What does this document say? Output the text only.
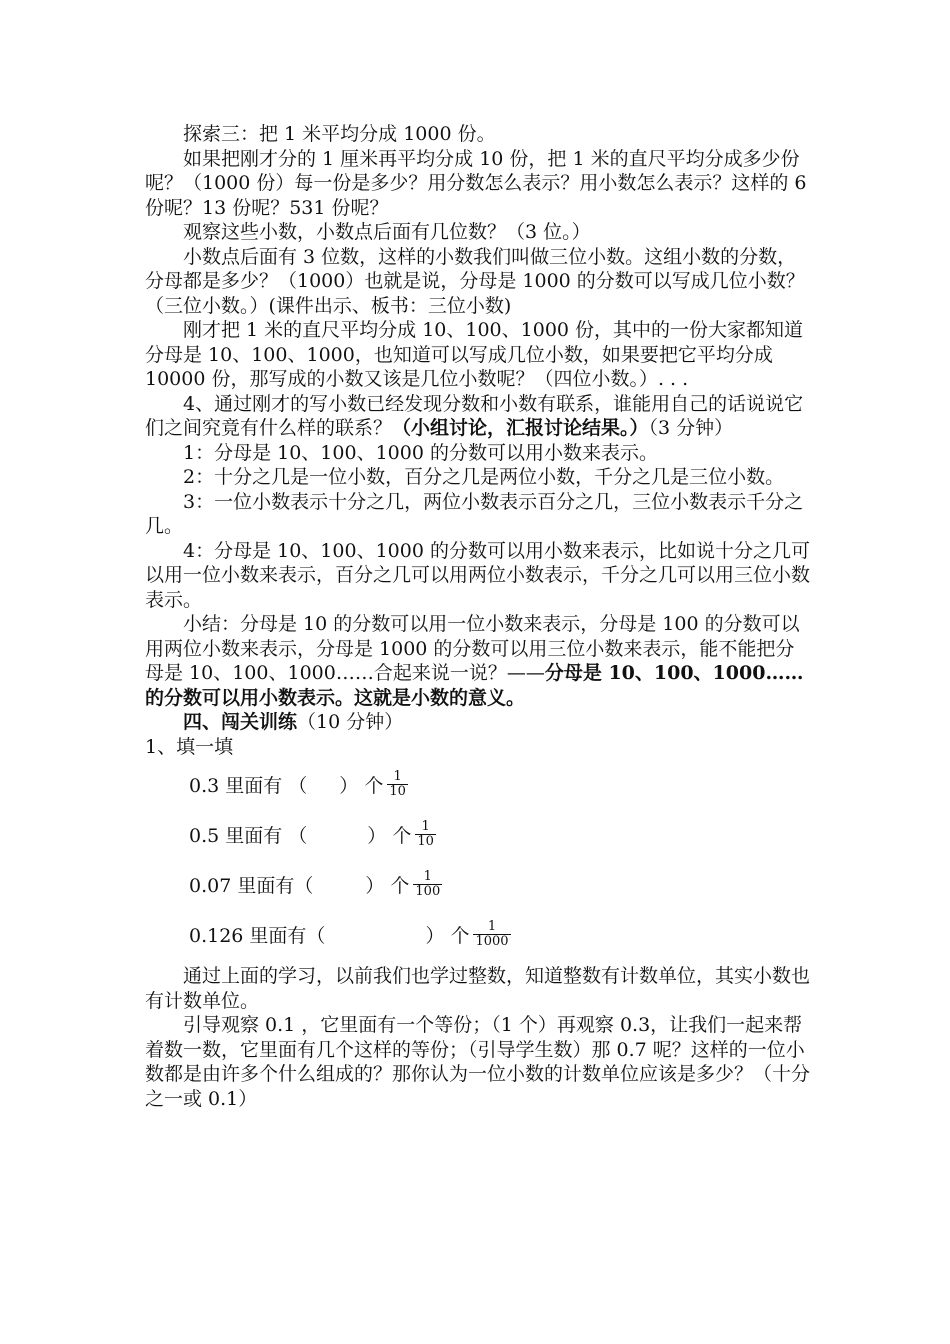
探索三：把 1 米平均分成 1000 份。

如果把刚才分的 1 厘米再平均分成 10 份，把 1 米的直尺平均分成多少份呢？（1000 份）每一份是多少？用分数怎么表示？用小数怎么表示？这样的 6 份呢？13 份呢？531 份呢？

观察这些小数，小数点后面有几位数？（3 位。）

小数点后面有 3 位数，这样的小数我们叫做三位小数。这组小数的分数，分母都是多少？（1000）也就是说，分母是 1000 的分数可以写成几位小数？（三位小数。）(课件出示、板书：三位小数)

刚才把 1 米的直尺平均分成 10、100、1000 份，其中的一份大家都知道分母是 10、100、1000，也知道可以写成几位小数，如果要把它平均分成 10000 份，那写成的小数又该是几位小数呢？（四位小数。）. . .

4、通过刚才的写小数已经发现分数和小数有联系，谁能用自己的话说说它们之间究竟有什么样的联系？（小组讨论，汇报讨论结果。）（3 分钟）

1：分母是 10、100、1000 的分数可以用小数来表示。

2：十分之几是一位小数，百分之几是两位小数，千分之几是三位小数。

3：一位小数表示十分之几，两位小数表示百分之几，三位小数表示千分之几。

4：分母是 10、100、1000 的分数可以用小数来表示，比如说十分之几可以用一位小数来表示，百分之几可以用两位小数表示，千分之几可以用三位小数表示。

小结：分母是 10 的分数可以用一位小数来表示，分母是 100 的分数可以用两位小数来表示，分母是 1000 的分数可以用三位小数来表示，能不能把分母是 10、100、1000……合起来说一说？——分母是 10、100、1000……的分数可以用小数表示。这就是小数的意义。

四、闯关训练（10 分钟）

1、填一填

0.3 里面有 （ ） 个 $\frac{1}{10}$
0.5 里面有 （	） 个 $\frac{1}{10}$
0.07 里面有（	） 个 $\frac{1}{100}$
0.126 里面有（	） 个 $\frac{1}{1000}$

通过上面的学习，以前我们也学过整数，知道整数有计数单位，其实小数也有计数单位。

引导观察 0.1 ，它里面有一个等份；（1 个）再观察 0.3，让我们一起来帮着数一数，它里面有几个这样的等份；（引导学生数）那 0.7 呢？这样的一位小数都是由许多个什么组成的？那你认为一位小数的计数单位应该是多少？（十分之一或 0.1）
